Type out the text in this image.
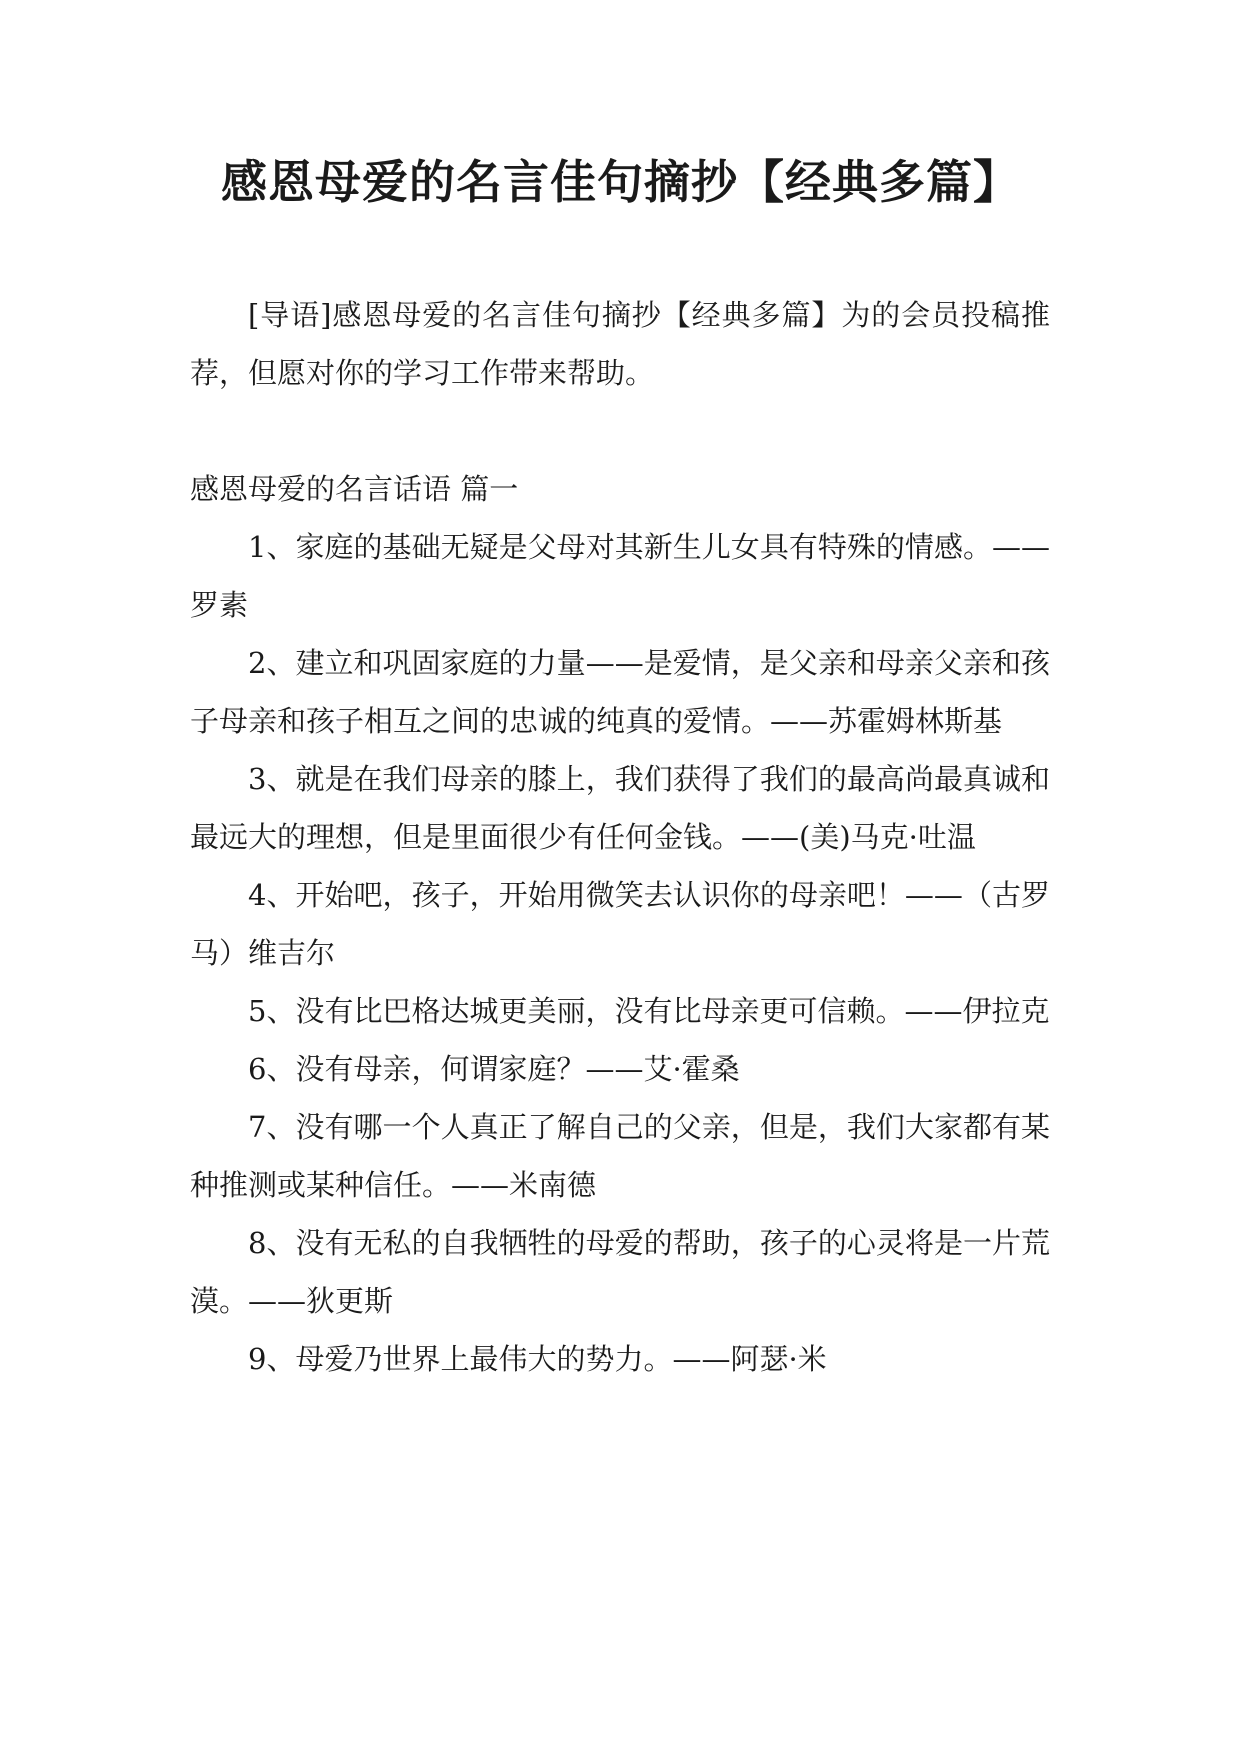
感恩母爱的名言佳句摘抄【经典多篇】

[导语]感恩母爱的名言佳句摘抄【经典多篇】为的会员投稿推荐，但愿对你的学习工作带来帮助。

感恩母爱的名言话语 篇一

1、家庭的基础无疑是父母对其新生儿女具有特殊的情感。——罗素

2、建立和巩固家庭的力量——是爱情，是父亲和母亲父亲和孩子母亲和孩子相互之间的忠诚的纯真的爱情。——苏霍姆林斯基

3、就是在我们母亲的膝上，我们获得了我们的最高尚最真诚和最远大的理想，但是里面很少有任何金钱。——(美)马克·吐温

4、开始吧，孩子，开始用微笑去认识你的母亲吧！——（古罗马）维吉尔

5、没有比巴格达城更美丽，没有比母亲更可信赖。——伊拉克

6、没有母亲，何谓家庭？——艾·霍桑

7、没有哪一个人真正了解自己的父亲，但是，我们大家都有某种推测或某种信任。——米南德

8、没有无私的自我牺牲的母爱的帮助，孩子的心灵将是一片荒漠。——狄更斯

9、母爱乃世界上最伟大的势力。——阿瑟·米
